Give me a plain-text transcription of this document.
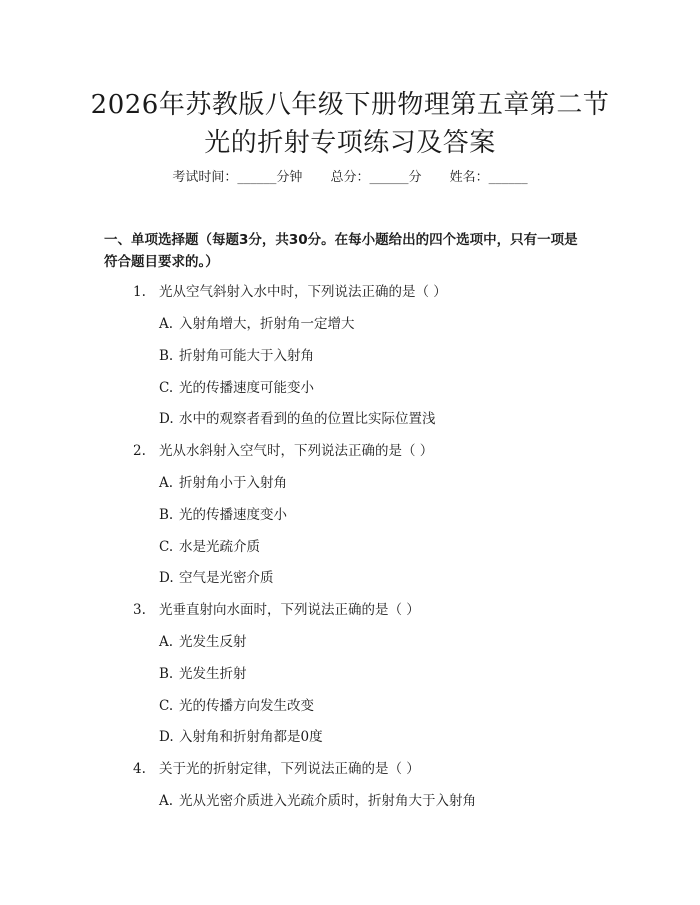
2026年苏教版八年级下册物理第五章第二节
光的折射专项练习及答案
考试时间：______分钟 总分：______分 姓名：______
一、单项选择题（每题3分，共30分。在每小题给出的四个选项中，只有一项是
符合题目要求的。）
1. 光从空气斜射入水中时，下列说法正确的是（ ）
A. 入射角增大，折射角一定增大
B. 折射角可能大于入射角
C. 光的传播速度可能变小
D. 水中的观察者看到的鱼的位置比实际位置浅
2. 光从水斜射入空气时，下列说法正确的是（ ）
A. 折射角小于入射角
B. 光的传播速度变小
C. 水是光疏介质
D. 空气是光密介质
3. 光垂直射向水面时，下列说法正确的是（ ）
A. 光发生反射
B. 光发生折射
C. 光的传播方向发生改变
D. 入射角和折射角都是0度
4. 关于光的折射定律，下列说法正确的是（ ）
A. 光从光密介质进入光疏介质时，折射角大于入射角
